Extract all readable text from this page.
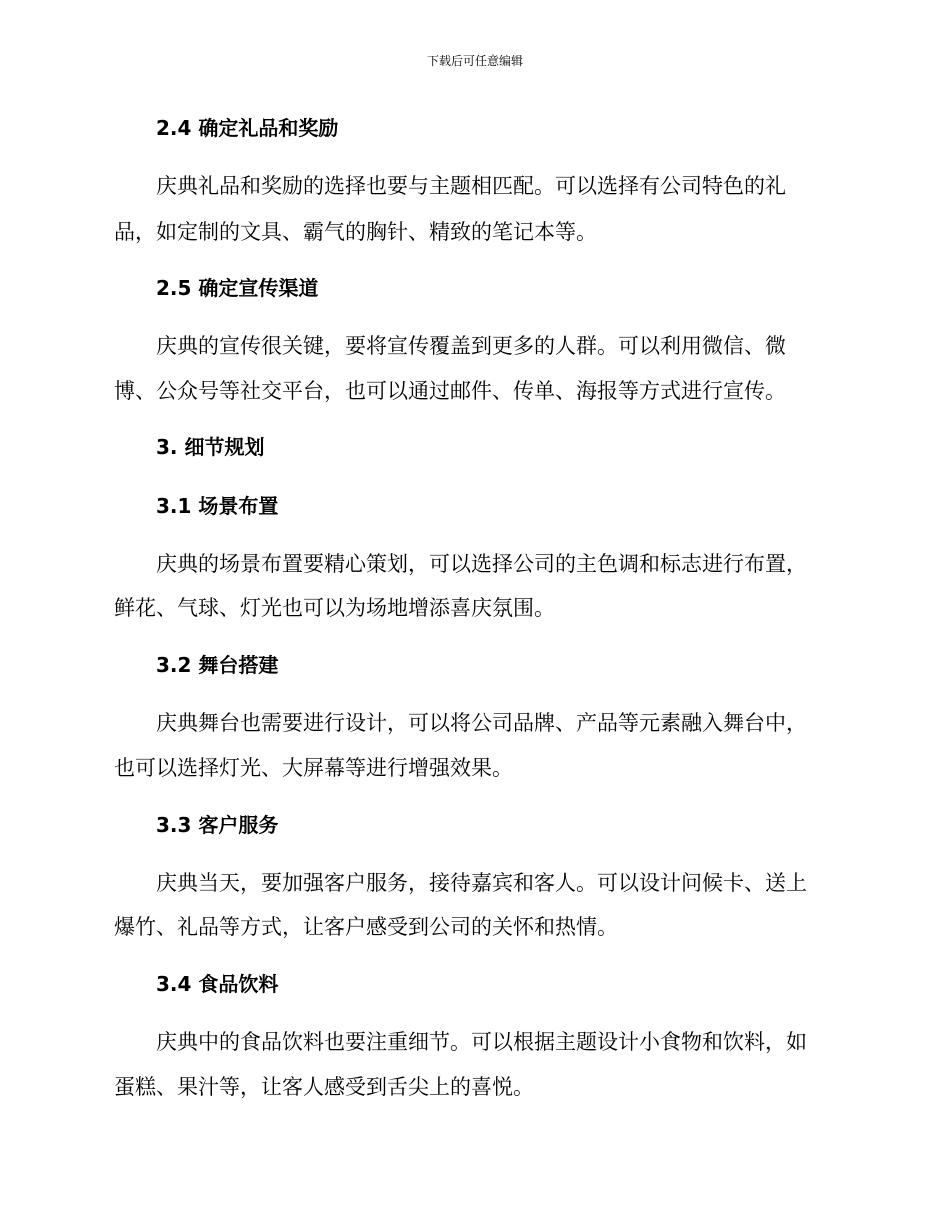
下载后可任意编辑
2.4 确定礼品和奖励
庆典礼品和奖励的选择也要与主题相匹配。可以选择有公司特色的礼
品，如定制的文具、霸气的胸针、精致的笔记本等。
2.5 确定宣传渠道
庆典的宣传很关键，要将宣传覆盖到更多的人群。可以利用微信、微
博、公众号等社交平台，也可以通过邮件、传单、海报等方式进行宣传。
3. 细节规划
3.1 场景布置
庆典的场景布置要精心策划，可以选择公司的主色调和标志进行布置，
鲜花、气球、灯光也可以为场地增添喜庆氛围。
3.2 舞台搭建
庆典舞台也需要进行设计，可以将公司品牌、产品等元素融入舞台中，
也可以选择灯光、大屏幕等进行增强效果。
3.3 客户服务
庆典当天，要加强客户服务，接待嘉宾和客人。可以设计问候卡、送上
爆竹、礼品等方式，让客户感受到公司的关怀和热情。
3.4 食品饮料
庆典中的食品饮料也要注重细节。可以根据主题设计小食物和饮料，如
蛋糕、果汁等，让客人感受到舌尖上的喜悦。
